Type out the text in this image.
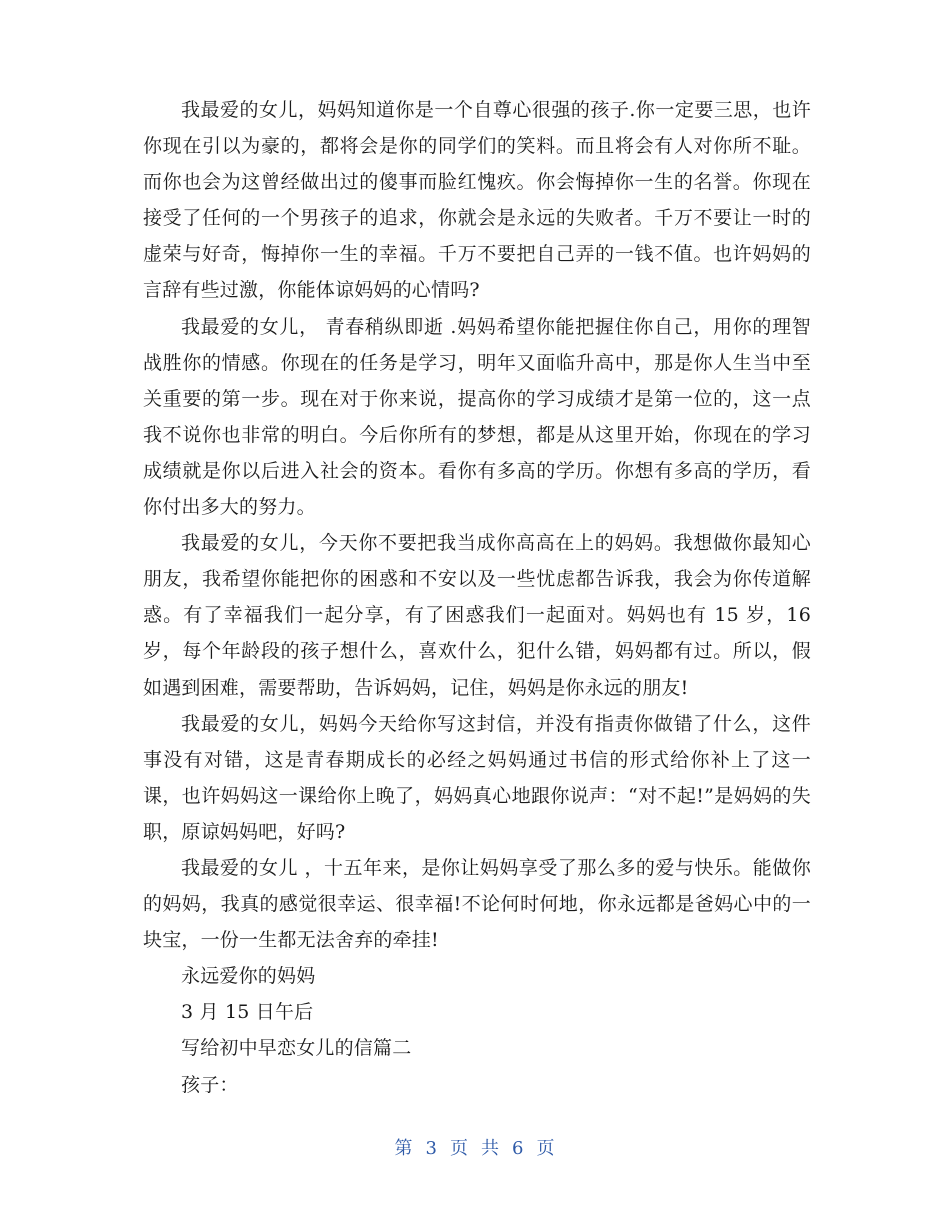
我最爱的女儿，妈妈知道你是一个自尊心很强的孩子.你一定要三思，也许你现在引以为豪的，都将会是你的同学们的笑料。而且将会有人对你所不耻。而你也会为这曾经做出过的傻事而脸红愧疚。你会悔掉你一生的名誉。你现在接受了任何的一个男孩子的追求，你就会是永远的失败者。千万不要让一时的虚荣与好奇，悔掉你一生的幸福。千万不要把自己弄的一钱不值。也许妈妈的言辞有些过激，你能体谅妈妈的心情吗?

我最爱的女儿， 青春稍纵即逝 .妈妈希望你能把握住你自己，用你的理智战胜你的情感。你现在的任务是学习，明年又面临升高中，那是你人生当中至关重要的第一步。现在对于你来说，提高你的学习成绩才是第一位的，这一点我不说你也非常的明白。今后你所有的梦想，都是从这里开始，你现在的学习成绩就是你以后进入社会的资本。看你有多高的学历。你想有多高的学历，看你付出多大的努力。

我最爱的女儿，今天你不要把我当成你高高在上的妈妈。我想做你最知心朋友，我希望你能把你的困惑和不安以及一些忧虑都告诉我，我会为你传道解惑。有了幸福我们一起分享，有了困惑我们一起面对。妈妈也有 15 岁，16 岁，每个年龄段的孩子想什么，喜欢什么，犯什么错，妈妈都有过。所以，假如遇到困难，需要帮助，告诉妈妈，记住，妈妈是你永远的朋友!

我最爱的女儿，妈妈今天给你写这封信，并没有指责你做错了什么，这件事没有对错，这是青春期成长的必经之妈妈通过书信的形式给你补上了这一课，也许妈妈这一课给你上晚了，妈妈真心地跟你说声：“对不起!”是妈妈的失职，原谅妈妈吧，好吗?

我最爱的女儿 ，十五年来，是你让妈妈享受了那么多的爱与快乐。能做你的妈妈，我真的感觉很幸运、很幸福!不论何时何地，你永远都是爸妈心中的一块宝，一份一生都无法舍弃的牵挂!

永远爱你的妈妈

3 月 15 日午后

写给初中早恋女儿的信篇二

孩子：

第 3 页 共 6 页
